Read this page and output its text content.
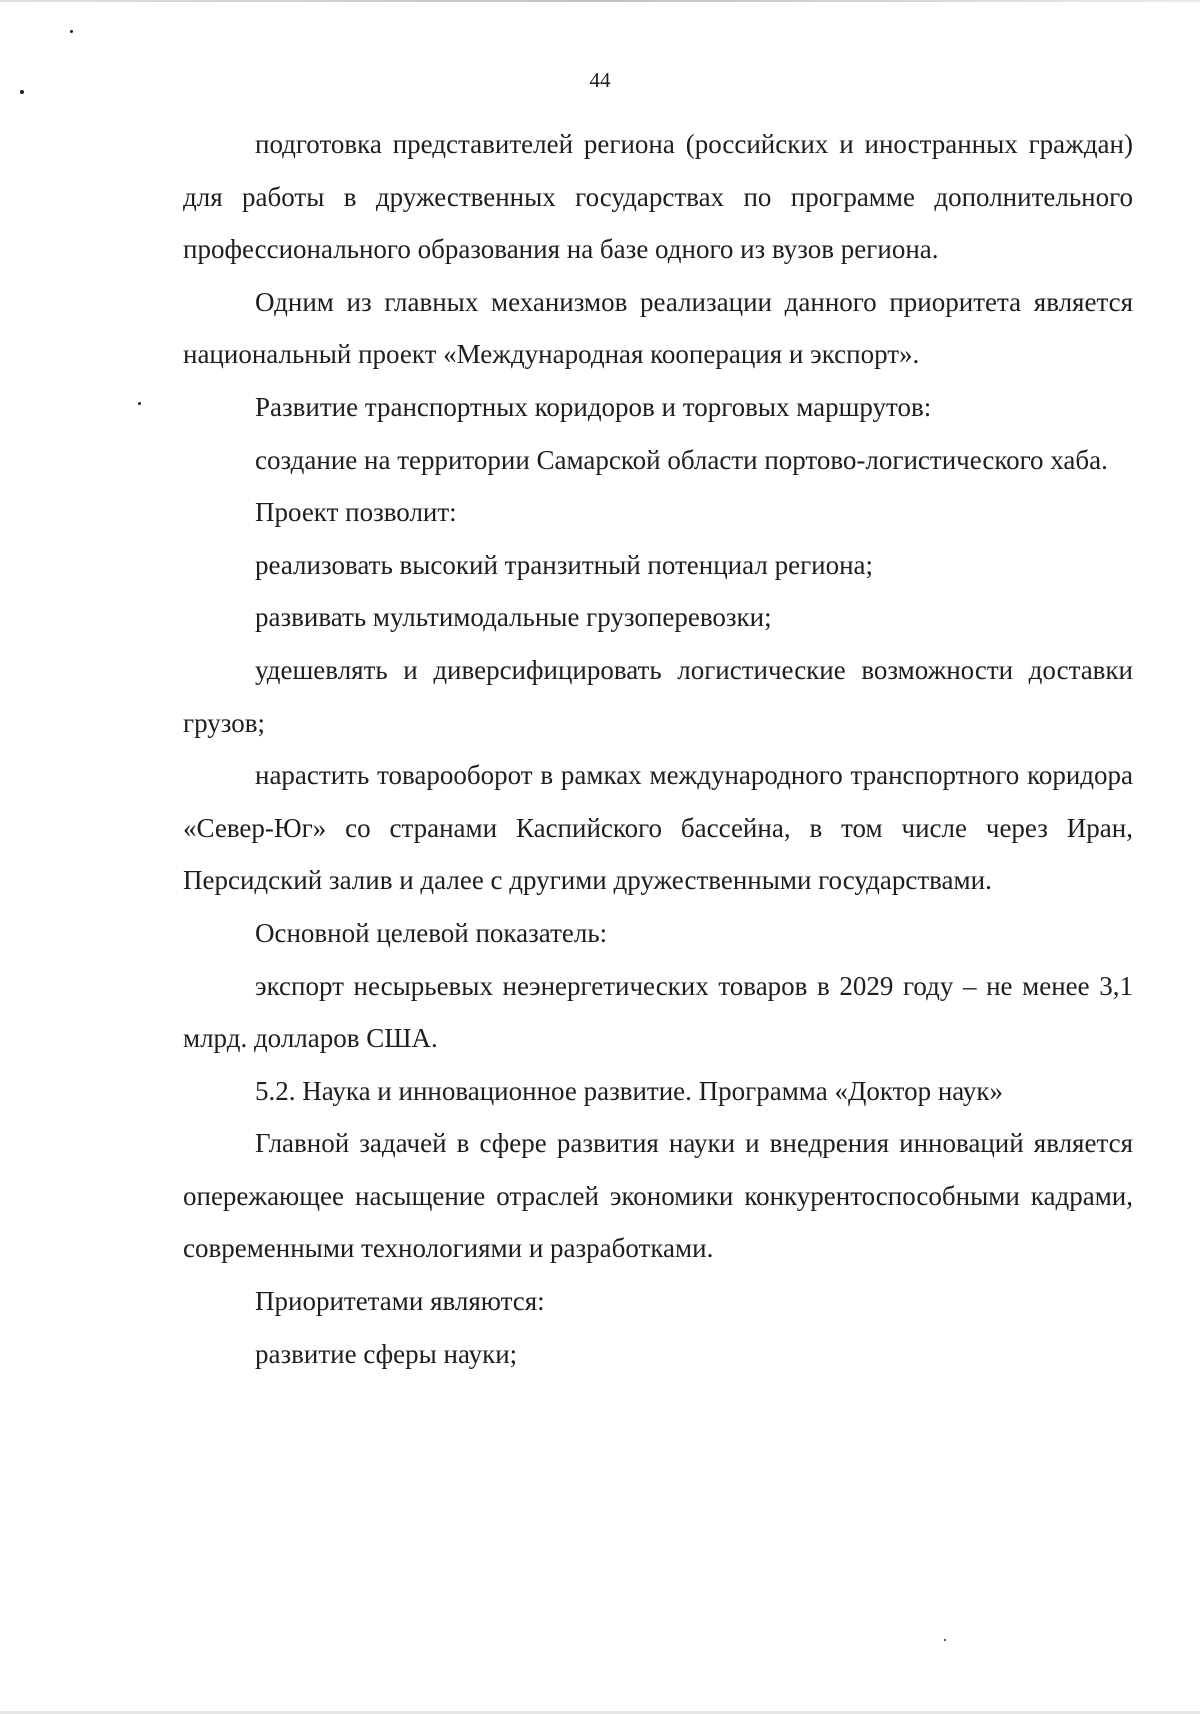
44

подготовка представителей региона (российских и иностранных граждан) для работы в дружественных государствах по программе дополнительного профессионального образования на базе одного из вузов региона.

Одним из главных механизмов реализации данного приоритета является национальный проект «Международная кооперация и экспорт».

Развитие транспортных коридоров и торговых маршрутов:

создание на территории Самарской области портово-логистического хаба.

Проект позволит:

реализовать высокий транзитный потенциал региона;

развивать мультимодальные грузоперевозки;

удешевлять и диверсифицировать логистические возможности доставки грузов;

нарастить товарооборот в рамках международного транспортного коридора «Север-Юг» со странами Каспийского бассейна, в том числе через Иран, Персидский залив и далее с другими дружественными государствами.

Основной целевой показатель:

экспорт несырьевых неэнергетических товаров в 2029 году – не менее 3,1 млрд. долларов США.

5.2. Наука и инновационное развитие. Программа «Доктор наук»

Главной задачей в сфере развития науки и внедрения инноваций является опережающее насыщение отраслей экономики конкурентоспособными кадрами, современными технологиями и разработками.

Приоритетами являются:

развитие сферы науки;
